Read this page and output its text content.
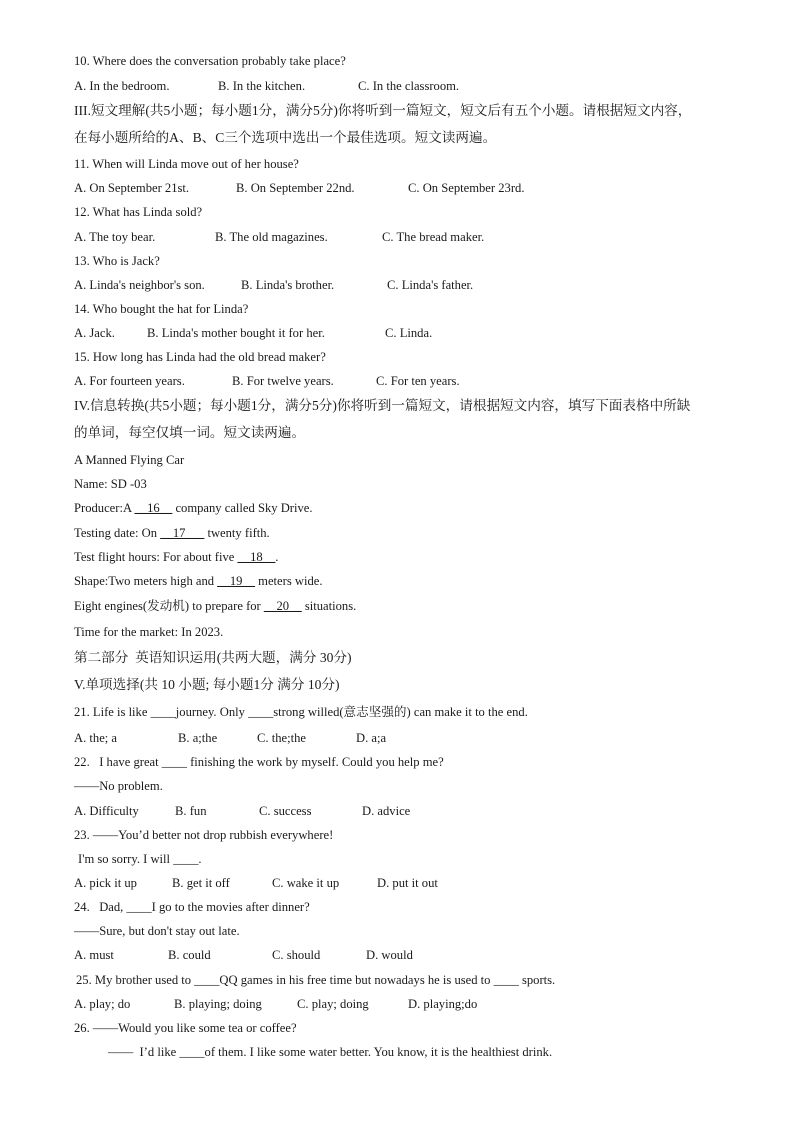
10. Where does the conversation probably take place?

A. In the bedroom.

	B. In the kitchen.

	C. In the classroom.

III.短文理解(共5小题；每小题1分，满分5分)你将听到一篇短文，短文后有五个小题。请根据短文内容，
在每小题所给的A、B、C三个选项中选出一个最佳选项。短文读两遍。
11. When will Linda move out of her house?

A. On September 21st.

	B. On September 22nd.

	C. On September 23rd.

12. What has Linda sold?

A. The toy bear.

	B. The old magazines.

	C. The bread maker.

13. Who is Jack?

A. Linda's neighbor's son.

	B. Linda's brother.

	C. Linda's father.

14. Who bought the hat for Linda?

A. Jack.

	B. Linda's mother bought it for her.

	C. Linda.

15. How long has Linda had the old bread maker?

A. For fourteen years.

	B. For twelve years.

	C. For ten years.

IV.信息转换(共5小题；每小题1分，满分5分)你将听到一篇短文，请根据短文内容，填写下面表格中所缺
的单词，每空仅填一词。短文读两遍。
A Manned Flying Car
Name: SD -03
Producer:A __16__ company called Sky Drive.
Testing date: On __17___ twenty fifth.
Test flight hours: For about five __18__.
Shape:Two meters high and __19__ meters wide.
Eight engines(发动机) to prepare for __20__ situations.
Time for the market: In 2023.
第二部分  英语知识运用(共两大题，满分 30分)
V.单项选择(共 10 小题; 每小题1分 满分 10分)
21. Life is like ____journey. Only ____strong willed(意志坚强的) can make it to the end.

A. the; a

	B. a;the

	C. the;the

	D. a;a

22.   I have great ____ finishing the work by myself. Could you help me?
——No problem.

A. Difficulty

	B. fun

	C. success

	D. advice

23. ——You’d better not drop rubbish everywhere!
I'm so sorry. I will ____.

A. pick it up

	B. get it off

	C. wake it up

	D. put it out

24.   Dad, ____I go to the movies after dinner?
——Sure, but don't stay out late.

A. must

	B. could

	C. should

	D. would

25. My brother used to ____QQ games in his free time but nowadays he is used to ____ sports.

A. play; do

	B. playing; doing

	C. play; doing

	D. playing;do

26. ——Would you like some tea or coffee?
——  I’d like ____of them. I like some water better. You know, it is the healthiest drink.
